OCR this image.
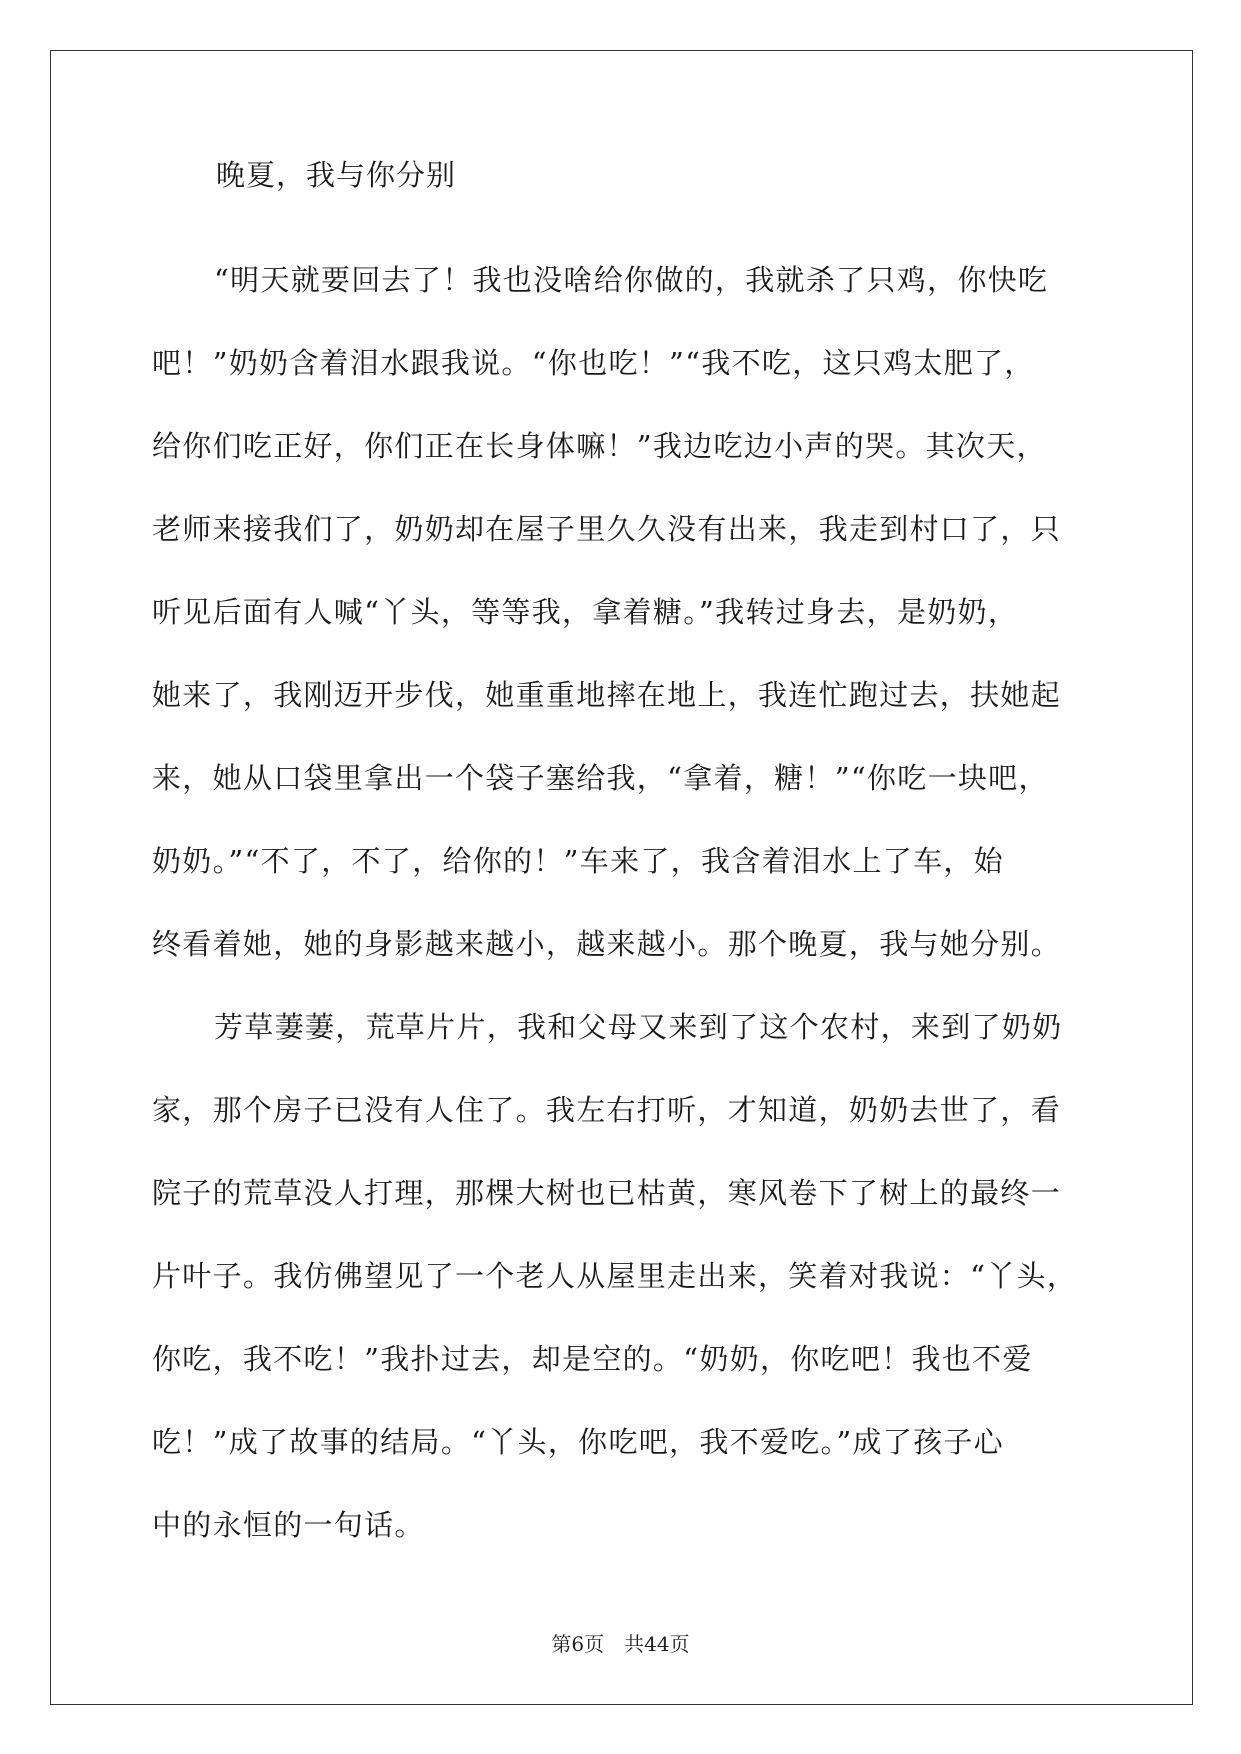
晚夏，我与你分别
“明天就要回去了！我也没啥给你做的，我就杀了只鸡，你快吃
吧！”奶奶含着泪水跟我说。“你也吃！”“我不吃，这只鸡太肥了，
给你们吃正好，你们正在长身体嘛！”我边吃边小声的哭。其次天，
老师来接我们了，奶奶却在屋子里久久没有出来，我走到村口了，只
听见后面有人喊“丫头，等等我，拿着糖。”我转过身去，是奶奶，
她来了，我刚迈开步伐，她重重地摔在地上，我连忙跑过去，扶她起
来，她从口袋里拿出一个袋子塞给我，“拿着，糖！”“你吃一块吧，
奶奶。”“不了，不了，给你的！”车来了，我含着泪水上了车，始
终看着她，她的身影越来越小，越来越小。那个晚夏，我与她分别。
芳草萋萋，荒草片片，我和父母又来到了这个农村，来到了奶奶
家，那个房子已没有人住了。我左右打听，才知道，奶奶去世了，看
院子的荒草没人打理，那棵大树也已枯黄，寒风卷下了树上的最终一
片叶子。我仿佛望见了一个老人从屋里走出来，笑着对我说：“丫头，
你吃，我不吃！”我扑过去，却是空的。“奶奶，你吃吧！我也不爱
吃！”成了故事的结局。“丫头，你吃吧，我不爱吃。”成了孩子心
中的永恒的一句话。
第6页 共44页
